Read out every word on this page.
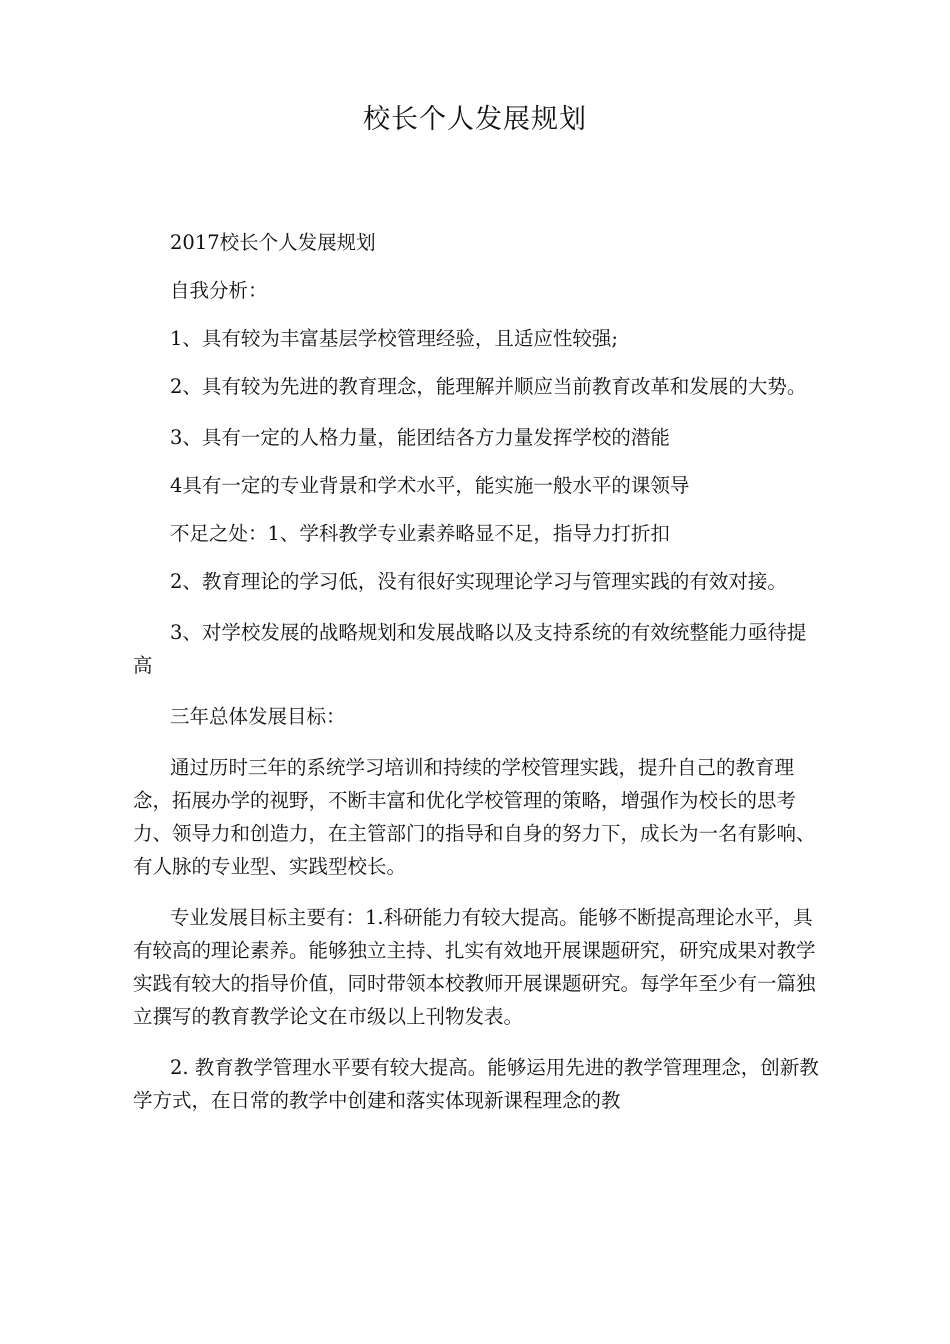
校长个人发展规划

2017校长个人发展规划

自我分析：

1、具有较为丰富基层学校管理经验，且适应性较强;

2、具有较为先进的教育理念，能理解并顺应当前教育改革和发展的大势。

3、具有一定的人格力量，能团结各方力量发挥学校的潜能

4具有一定的专业背景和学术水平，能实施一般水平的课领导

不足之处：1、学科教学专业素养略显不足，指导力打折扣

2、教育理论的学习低，没有很好实现理论学习与管理实践的有效对接。

3、对学校发展的战略规划和发展战略以及支持系统的有效统整能力亟待提高

三年总体发展目标：

通过历时三年的系统学习培训和持续的学校管理实践，提升自己的教育理念，拓展办学的视野，不断丰富和优化学校管理的策略，增强作为校长的思考力、领导力和创造力，在主管部门的指导和自身的努力下，成长为一名有影响、有人脉的专业型、实践型校长。

专业发展目标主要有：1.科研能力有较大提高。能够不断提高理论水平，具有较高的理论素养。能够独立主持、扎实有效地开展课题研究，研究成果对教学实践有较大的指导价值，同时带领本校教师开展课题研究。每学年至少有一篇独立撰写的教育教学论文在市级以上刊物发表。

2. 教育教学管理水平要有较大提高。能够运用先进的教学管理理念，创新教学方式，在日常的教学中创建和落实体现新课程理念的教
